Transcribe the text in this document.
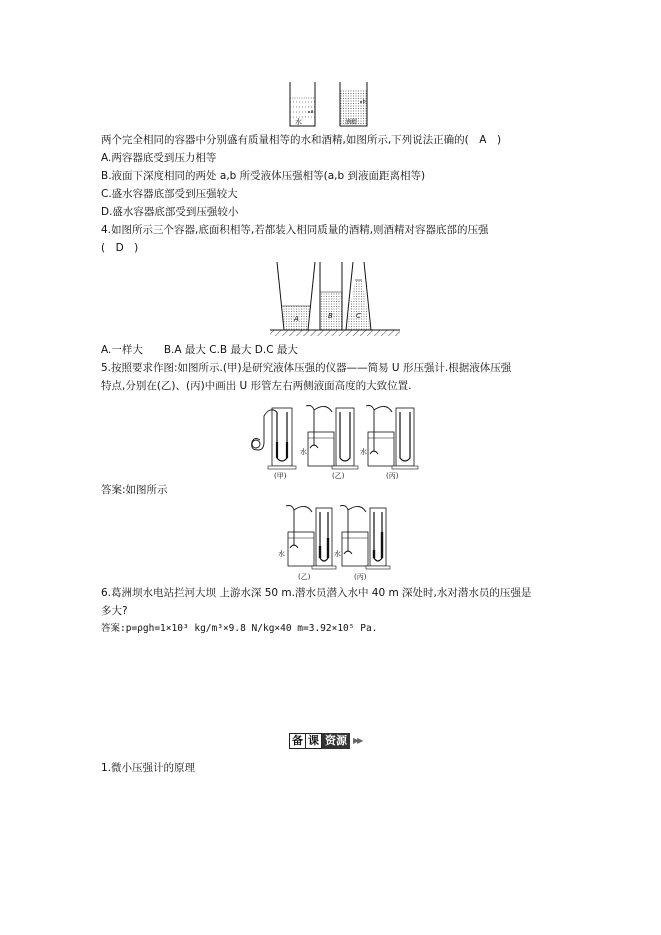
水
a
酒精
b
两个完全相同的容器中分别盛有质量相等的水和酒精,如图所示,下列说法正确的(　A　)
A.两容器底受到压力相等
B.液面下深度相同的两处 a,b 所受液体压强相等(a,b 到液面距离相等)
C.盛水容器底部受到压强较大
D.盛水容器底部受到压强较小
4.如图所示三个容器,底面积相等,若都装入相同质量的酒精,则酒精对容器底部的压强
(　D　)
A	B	C
A.一样大　　B.A 最大 C.B 最大 D.C 最大
5.按照要求作图:如图所示.(甲)是研究液体压强的仪器——简易 U 形压强计.根据液体压强
特点,分别在(乙)、(丙)中画出 U 形管左右两侧液面高度的大致位置.
水	水
(甲)	(乙)	(丙)
答案:如图所示
水	水
(乙)	(丙)
6.葛洲坝水电站拦河大坝 上游水深 50 m.潜水员潜入水中 40 m 深处时,水对潜水员的压强是
多大?
答案:p=ρgh=1×10³ kg/m³×9.8 N/kg×40 m=3.92×10⁵ Pa.
备 课 资源 ▶▶
1.微小压强计的原理
